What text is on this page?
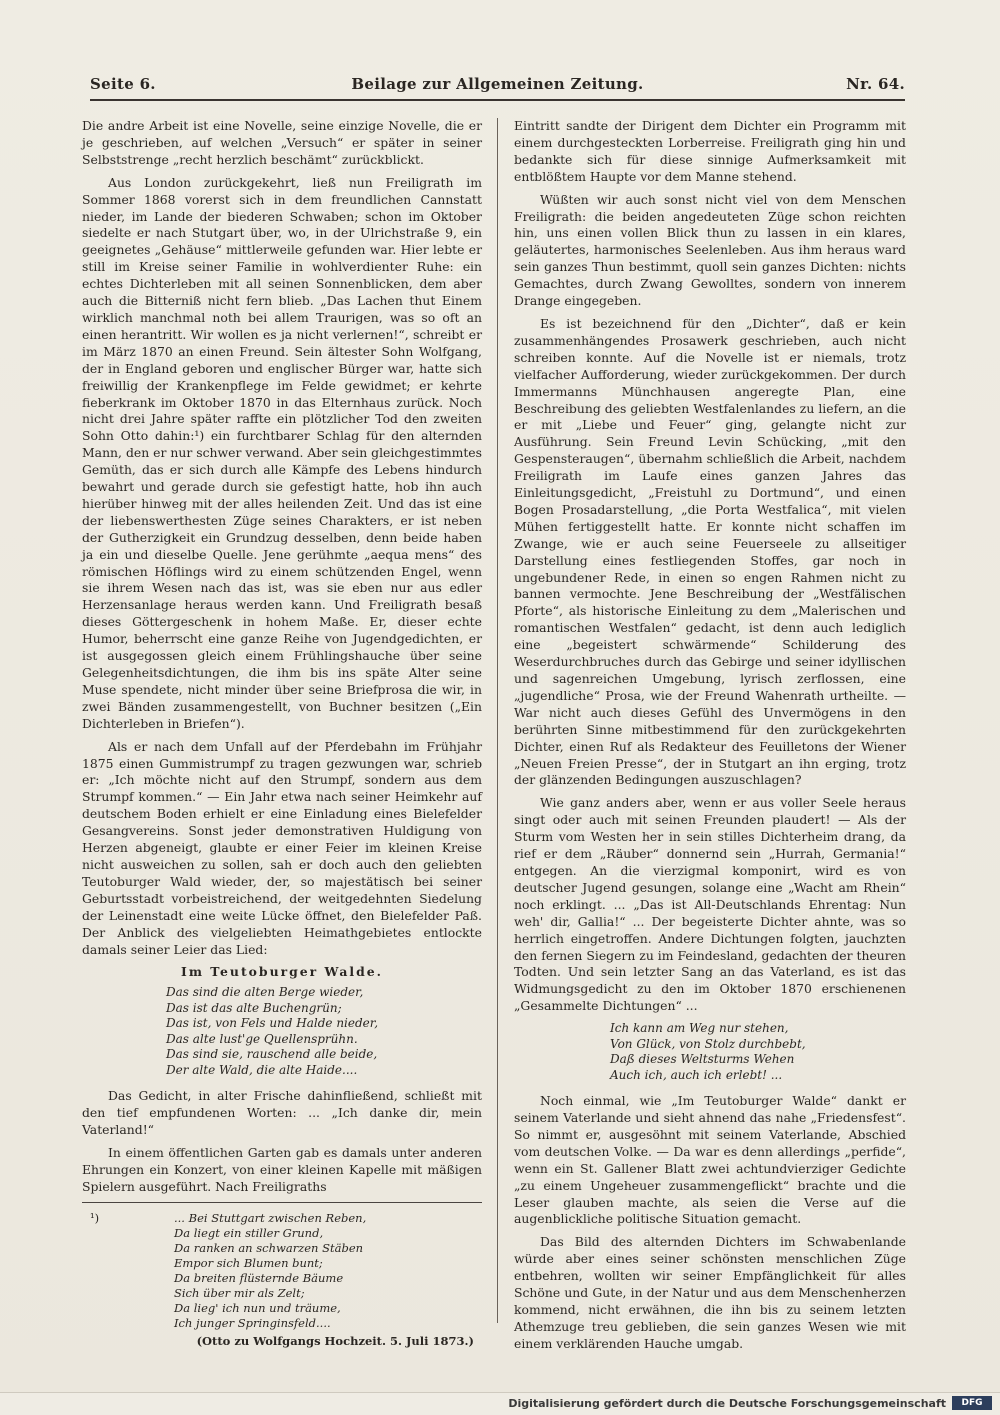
Seite 6.	Beilage zur Allgemeinen Zeitung.	Nr. 64.

Die andre Arbeit ist eine Novelle, seine einzige Novelle, die er je geschrieben, auf welchen „Versuch“ er später in seiner Selbststrenge „recht herzlich beschämt“ zurückblickt.

Aus London zurückgekehrt, ließ nun Freiligrath im Sommer 1868 vorerst sich in dem freundlichen Cannstatt nieder, im Lande der biederen Schwaben; schon im Oktober siedelte er nach Stutgart über, wo, in der Ulrichstraße 9, ein geeignetes „Gehäuse“ mittlerweile gefunden war. Hier lebte er still im Kreise seiner Familie in wohlverdienter Ruhe: ein echtes Dichterleben mit all seinen Sonnenblicken, dem aber auch die Bitterniß nicht fern blieb. „Das Lachen thut Einem wirklich manchmal noth bei allem Traurigen, was so oft an einen herantritt. Wir wollen es ja nicht verlernen!“, schreibt er im März 1870 an einen Freund. Sein ältester Sohn Wolfgang, der in England geboren und englischer Bürger war, hatte sich freiwillig der Krankenpflege im Felde gewidmet; er kehrte fieberkrank im Oktober 1870 in das Elternhaus zurück. Noch nicht drei Jahre später raffte ein plötzlicher Tod den zweiten Sohn Otto dahin:¹) ein furchtbarer Schlag für den alternden Mann, den er nur schwer verwand. Aber sein gleichgestimmtes Gemüth, das er sich durch alle Kämpfe des Lebens hindurch bewahrt und gerade durch sie gefestigt hatte, hob ihn auch hierüber hinweg mit der alles heilenden Zeit. Und das ist eine der liebenswerthesten Züge seines Charakters, er ist neben der Gutherzigkeit ein Grundzug desselben, denn beide haben ja ein und dieselbe Quelle. Jene gerühmte „aequa mens“ des römischen Höflings wird zu einem schützenden Engel, wenn sie ihrem Wesen nach das ist, was sie eben nur aus edler Herzensanlage heraus werden kann. Und Freiligrath besaß dieses Göttergeschenk in hohem Maße. Er, dieser echte Humor, beherrscht eine ganze Reihe von Jugendgedichten, er ist ausgegossen gleich einem Frühlingshauche über seine Gelegenheitsdichtungen, die ihm bis ins späte Alter seine Muse spendete, nicht minder über seine Briefprosa die wir, in zwei Bänden zusammengestellt, von Buchner besitzen („Ein Dichterleben in Briefen“).

Als er nach dem Unfall auf der Pferdebahn im Frühjahr 1875 einen Gummistrumpf zu tragen gezwungen war, schrieb er: „Ich möchte nicht auf den Strumpf, sondern aus dem Strumpf kommen.“ — Ein Jahr etwa nach seiner Heimkehr auf deutschem Boden erhielt er eine Einladung eines Bielefelder Gesangvereins. Sonst jeder demonstrativen Huldigung von Herzen abgeneigt, glaubte er einer Feier im kleinen Kreise nicht ausweichen zu sollen, sah er doch auch den geliebten Teutoburger Wald wieder, der, so majestätisch bei seiner Geburtsstadt vorbeistreichend, der weitgedehnten Siedelung der Leinenstadt eine weite Lücke öffnet, den Bielefelder Paß. Der Anblick des vielgeliebten Heimathgebietes entlockte damals seiner Leier das Lied:

Im Teutoburger Walde.
Das sind die alten Berge wieder,
Das ist das alte Buchengrün;
Das ist, von Fels und Halde nieder,
Das alte lust'ge Quellensprühn.
Das sind sie, rauschend alle beide,
Der alte Wald, die alte Haide....

Das Gedicht, in alter Frische dahinfließend, schließt mit den tief empfundenen Worten: ... „Ich danke dir, mein Vaterland!“

In einem öffentlichen Garten gab es damals unter anderen Ehrungen ein Konzert, von einer kleinen Kapelle mit mäßigen Spielern ausgeführt. Nach Freiligraths

¹)	... Bei Stuttgart zwischen Reben,
Da liegt ein stiller Grund,
Da ranken an schwarzen Stäben
Empor sich Blumen bunt;
Da breiten flüsternde Bäume
Sich über mir als Zelt;
Da lieg' ich nun und träume,
Ich junger Springinsfeld....
(Otto zu Wolfgangs Hochzeit. 5. Juli 1873.)

Eintritt sandte der Dirigent dem Dichter ein Programm mit einem durchgesteckten Lorberreise. Freiligrath ging hin und bedankte sich für diese sinnige Aufmerksamkeit mit entblößtem Haupte vor dem Manne stehend.

Wüßten wir auch sonst nicht viel von dem Menschen Freiligrath: die beiden angedeuteten Züge schon reichten hin, uns einen vollen Blick thun zu lassen in ein klares, geläutertes, harmonisches Seelenleben. Aus ihm heraus ward sein ganzes Thun bestimmt, quoll sein ganzes Dichten: nichts Gemachtes, durch Zwang Gewolltes, sondern von innerem Drange eingegeben.

Es ist bezeichnend für den „Dichter“, daß er kein zusammenhängendes Prosawerk geschrieben, auch nicht schreiben konnte. Auf die Novelle ist er niemals, trotz vielfacher Aufforderung, wieder zurückgekommen. Der durch Immermanns Münchhausen angeregte Plan, eine Beschreibung des geliebten Westfalenlandes zu liefern, an die er mit „Liebe und Feuer“ ging, gelangte nicht zur Ausführung. Sein Freund Levin Schücking, „mit den Gespensteraugen“, übernahm schließlich die Arbeit, nachdem Freiligrath im Laufe eines ganzen Jahres das Einleitungsgedicht, „Freistuhl zu Dortmund“, und einen Bogen Prosadarstellung, „die Porta Westfalica“, mit vielen Mühen fertiggestellt hatte. Er konnte nicht schaffen im Zwange, wie er auch seine Feuerseele zu allseitiger Darstellung eines festliegenden Stoffes, gar noch in ungebundener Rede, in einen so engen Rahmen nicht zu bannen vermochte. Jene Beschreibung der „Westfälischen Pforte“, als historische Einleitung zu dem „Malerischen und romantischen Westfalen“ gedacht, ist denn auch lediglich eine „begeistert schwärmende“ Schilderung des Weserdurchbruches durch das Gebirge und seiner idyllischen und sagenreichen Umgebung, lyrisch zerflossen, eine „jugendliche“ Prosa, wie der Freund Wahenrath urtheilte. — War nicht auch dieses Gefühl des Unvermögens in den berührten Sinne mitbestimmend für den zurückgekehrten Dichter, einen Ruf als Redakteur des Feuilletons der Wiener „Neuen Freien Presse“, der in Stutgart an ihn erging, trotz der glänzenden Bedingungen auszuschlagen?

Wie ganz anders aber, wenn er aus voller Seele heraus singt oder auch mit seinen Freunden plaudert! — Als der Sturm vom Westen her in sein stilles Dichterheim drang, da rief er dem „Räuber“ donnernd sein „Hurrah, Germania!“ entgegen. An die vierzigmal komponirt, wird es von deutscher Jugend gesungen, solange eine „Wacht am Rhein“ noch erklingt. ... „Das ist All-Deutschlands Ehrentag: Nun weh' dir, Gallia!“ ... Der begeisterte Dichter ahnte, was so herrlich eingetroffen. Andere Dichtungen folgten, jauchzten den fernen Siegern zu im Feindesland, gedachten der theuren Todten. Und sein letzter Sang an das Vaterland, es ist das Widmungsgedicht zu den im Oktober 1870 erschienenen „Gesammelte Dichtungen“ ...

Ich kann am Weg nur stehen,
Von Glück, von Stolz durchbebt,
Daß dieses Weltsturms Wehen
Auch ich, auch ich erlebt! ...

Noch einmal, wie „Im Teutoburger Walde“ dankt er seinem Vaterlande und sieht ahnend das nahe „Friedensfest“. So nimmt er, ausgesöhnt mit seinem Vaterlande, Abschied vom deutschen Volke. — Da war es denn allerdings „perfide“, wenn ein St. Gallener Blatt zwei achtundvierziger Gedichte „zu einem Ungeheuer zusammengeflickt“ brachte und die Leser glauben machte, als seien die Verse auf die augenblickliche politische Situation gemacht.

Das Bild des alternden Dichters im Schwabenlande würde aber eines seiner schönsten menschlichen Züge entbehren, wollten wir seiner Empfänglichkeit für alles Schöne und Gute, in der Natur und aus dem Menschenherzen kommend, nicht erwähnen, die ihn bis zu seinem letzten Athemzuge treu geblieben, die sein ganzes Wesen wie mit einem verklärenden Hauche umgab.

Digitalisierung gefördert durch die Deutsche Forschungsgemeinschaft	DFG
